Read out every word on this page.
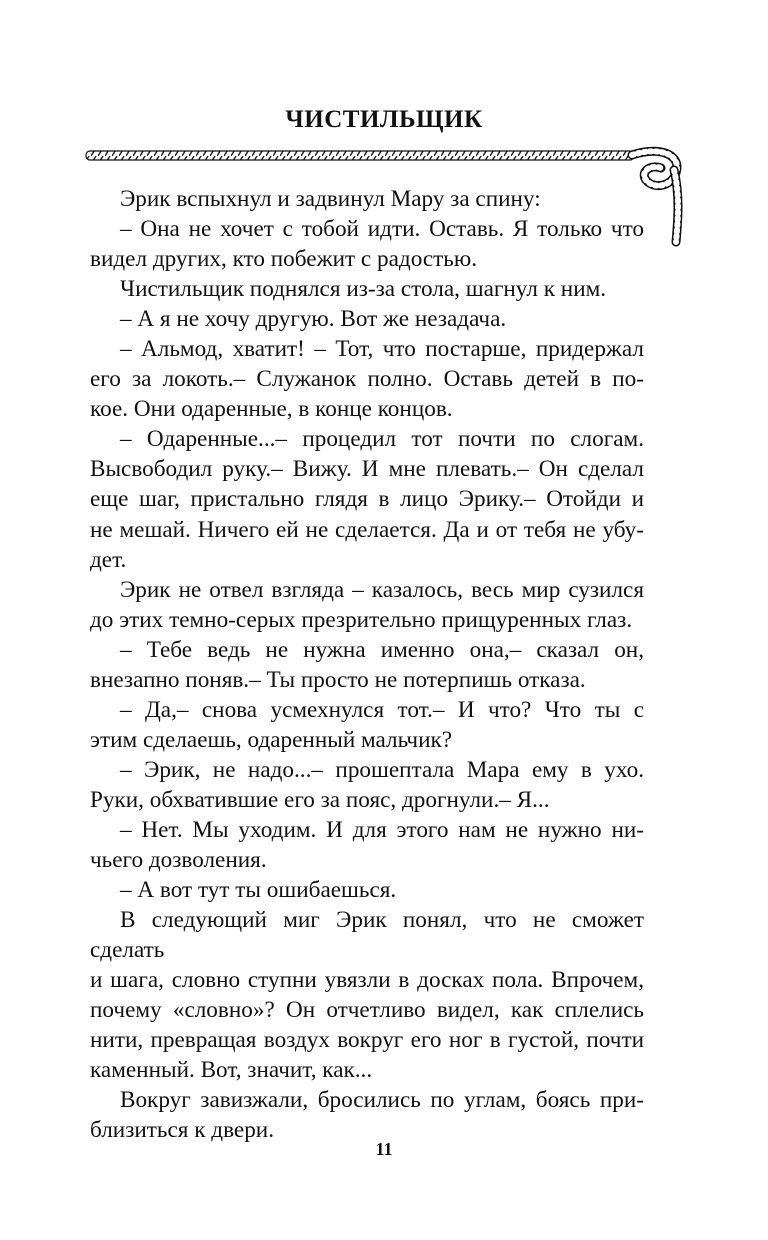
ЧИСТИЛЬЩИК

Эрик вспыхнул и задвинул Мару за спину:

– Она не хочет с тобой идти. Оставь. Я только что
видел других, кто побежит с радостью.

Чистильщик поднялся из-за стола, шагнул к ним.

– А я не хочу другую. Вот же незадача.

– Альмод, хватит! – Тот, что постарше, придержал
его за локоть.– Служанок полно. Оставь детей в по-
кое. Они одаренные, в конце концов.

– Одаренные...– процедил тот почти по слогам.
Высвободил руку.– Вижу. И мне плевать.– Он сделал
еще шаг, пристально глядя в лицо Эрику.– Отойди и
не мешай. Ничего ей не сделается. Да и от тебя не убу-
дет.

Эрик не отвел взгляда – казалось, весь мир сузился
до этих темно-серых презрительно прищуренных глаз.

– Тебе ведь не нужна именно она,– сказал он,
внезапно поняв.– Ты просто не потерпишь отказа.

– Да,– снова усмехнулся тот.– И что? Что ты с
этим сделаешь, одаренный мальчик?

– Эрик, не надо...– прошептала Мара ему в ухо.
Руки, обхватившие его за пояс, дрогнули.– Я...

– Нет. Мы уходим. И для этого нам не нужно ни-
чьего дозволения.

– А вот тут ты ошибаешься.

В следующий миг Эрик понял, что не сможет сделать
и шага, словно ступни увязли в досках пола. Впрочем,
почему «словно»? Он отчетливо видел, как сплелись
нити, превращая воздух вокруг его ног в густой, почти
каменный. Вот, значит, как...

Вокруг завизжали, бросились по углам, боясь при-
близиться к двери.

11
